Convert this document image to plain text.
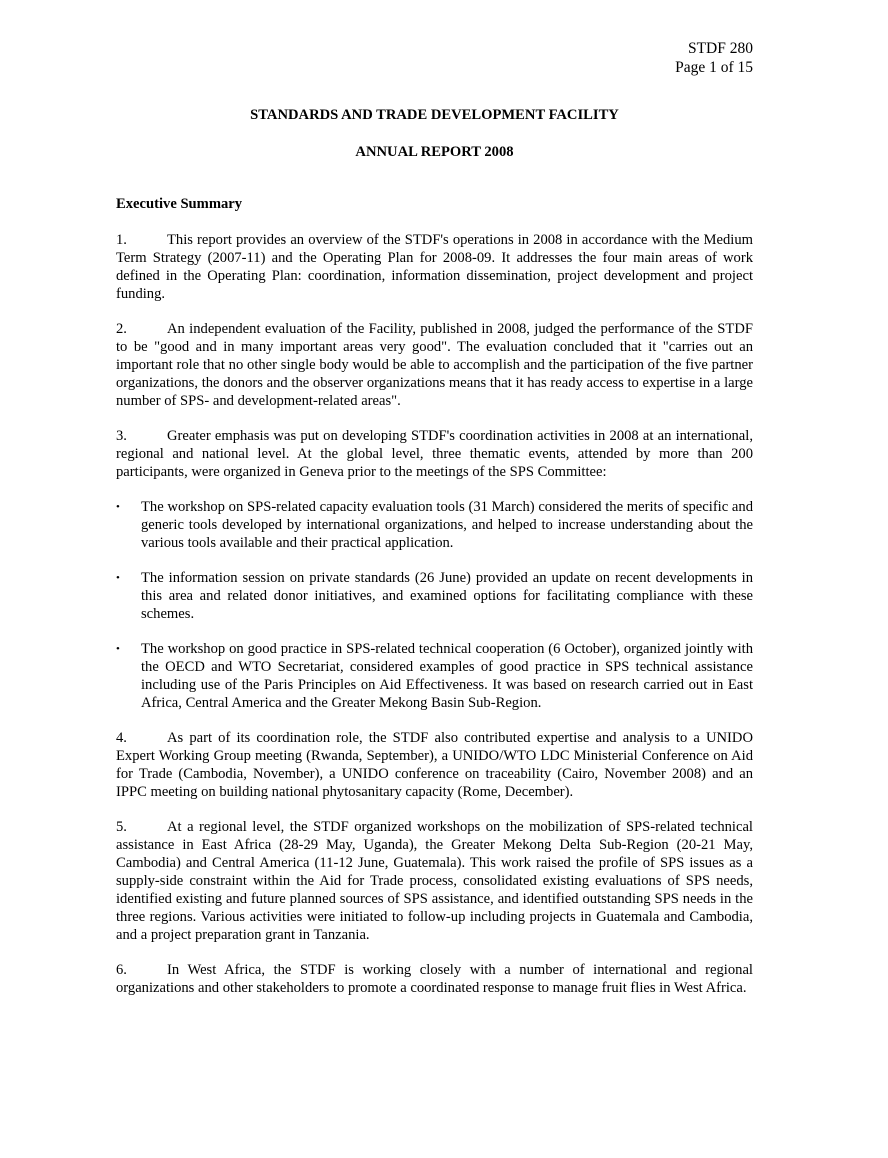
STDF 280
Page 1 of 15
STANDARDS AND TRADE DEVELOPMENT FACILITY
ANNUAL REPORT 2008
Executive Summary

1.	This report provides an overview of the STDF's operations in 2008 in accordance with the Medium Term Strategy (2007-11) and the Operating Plan for 2008-09. It addresses the four main areas of work defined in the Operating Plan: coordination, information dissemination, project development and project funding.

2.	An independent evaluation of the Facility, published in 2008, judged the performance of the STDF to be "good and in many important areas very good". The evaluation concluded that it "carries out an important role that no other single body would be able to accomplish and the participation of the five partner organizations, the donors and the observer organizations means that it has ready access to expertise in a large number of SPS- and development-related areas".

3.	Greater emphasis was put on developing STDF's coordination activities in 2008 at an international, regional and national level. At the global level, three thematic events, attended by more than 200 participants, were organized in Geneva prior to the meetings of the SPS Committee:

•	The workshop on SPS-related capacity evaluation tools (31 March) considered the merits of specific and generic tools developed by international organizations, and helped to increase understanding about the various tools available and their practical application.
•	The information session on private standards (26 June) provided an update on recent developments in this area and related donor initiatives, and examined options for facilitating compliance with these schemes.
•	The workshop on good practice in SPS-related technical cooperation (6 October), organized jointly with the OECD and WTO Secretariat, considered examples of good practice in SPS technical assistance including use of the Paris Principles on Aid Effectiveness. It was based on research carried out in East Africa, Central America and the Greater Mekong Basin Sub-Region.

4.	As part of its coordination role, the STDF also contributed expertise and analysis to a UNIDO Expert Working Group meeting (Rwanda, September), a UNIDO/WTO LDC Ministerial Conference on Aid for Trade (Cambodia, November), a UNIDO conference on traceability (Cairo, November 2008) and an IPPC meeting on building national phytosanitary capacity (Rome, December).

5.	At a regional level, the STDF organized workshops on the mobilization of SPS-related technical assistance in East Africa (28-29 May, Uganda), the Greater Mekong Delta Sub-Region (20-21 May, Cambodia) and Central America (11-12 June, Guatemala). This work raised the profile of SPS issues as a supply-side constraint within the Aid for Trade process, consolidated existing evaluations of SPS needs, identified existing and future planned sources of SPS assistance, and identified outstanding SPS needs in the three regions. Various activities were initiated to follow-up including projects in Guatemala and Cambodia, and a project preparation grant in Tanzania.

6.	In West Africa, the STDF is working closely with a number of international and regional organizations and other stakeholders to promote a coordinated response to manage fruit flies in West Africa.
